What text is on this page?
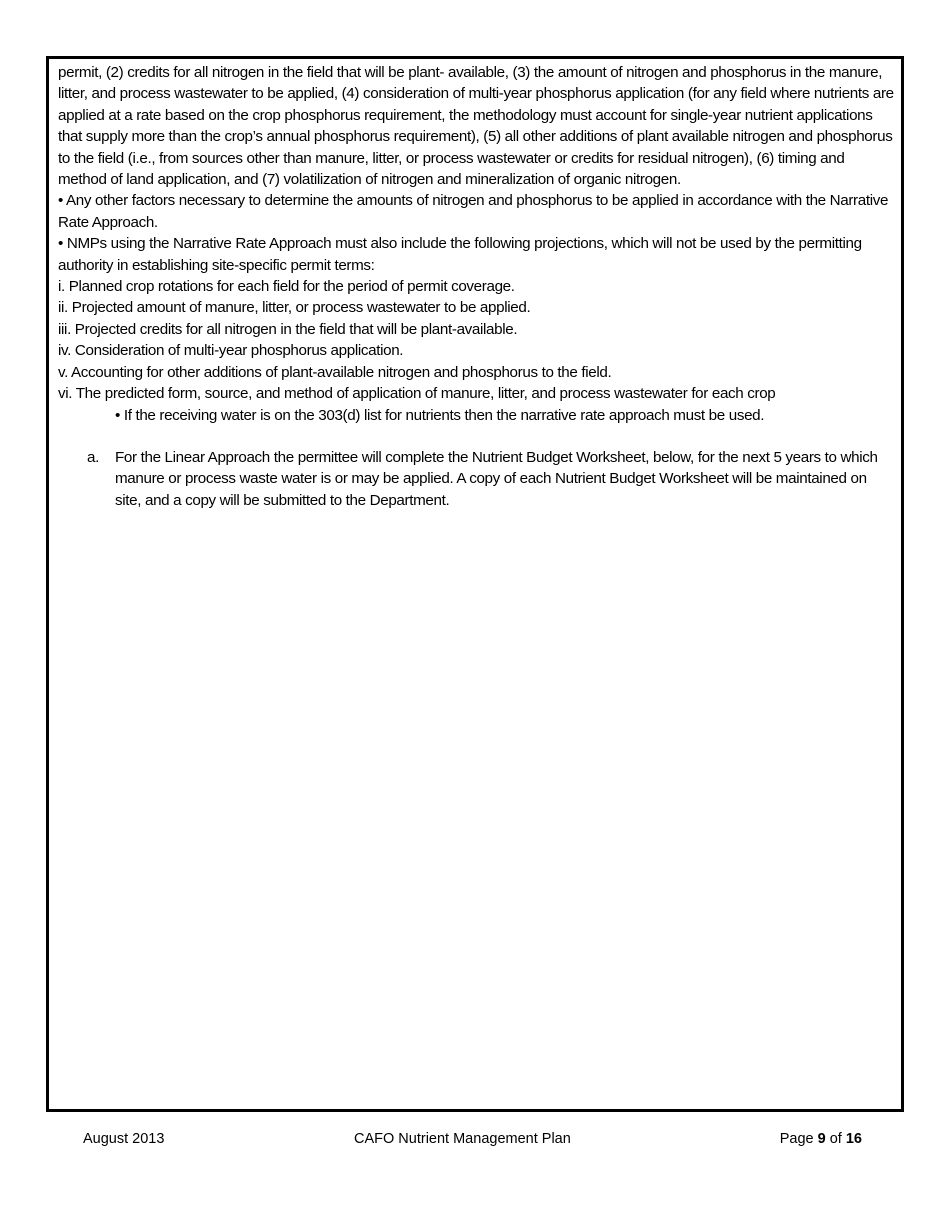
permit, (2) credits for all nitrogen in the field that will be plant- available, (3) the amount of nitrogen and phosphorus in the manure, litter, and process wastewater to be applied, (4) consideration of multi-year phosphorus application (for any field where nutrients are applied at a rate based on the crop phosphorus requirement, the methodology must account for single-year nutrient applications that supply more than the crop’s annual phosphorus requirement), (5) all other additions of plant available nitrogen and phosphorus to the field (i.e., from sources other than manure, litter, or process wastewater or credits for residual nitrogen), (6) timing and method of land application, and (7) volatilization of nitrogen and mineralization of organic nitrogen.

• Any other factors necessary to determine the amounts of nitrogen and phosphorus to be applied in accordance with the Narrative Rate Approach.

• NMPs using the Narrative Rate Approach must also include the following projections, which will not be used by the permitting authority in establishing site-specific permit terms:

i. Planned crop rotations for each field for the period of permit coverage.

ii. Projected amount of manure, litter, or process wastewater to be applied.

iii. Projected credits for all nitrogen in the field that will be plant-available.

iv. Consideration of multi-year phosphorus application.

v. Accounting for other additions of plant-available nitrogen and phosphorus to the field.

vi. The predicted form, source, and method of application of manure, litter, and process wastewater for each crop

• If the receiving water is on the 303(d) list for nutrients then the narrative rate approach must be used.

a.	For the Linear Approach the permittee will complete the Nutrient Budget Worksheet, below, for the next 5 years to which manure or process waste water is or may be applied. A copy of each Nutrient Budget Worksheet will be maintained on site, and a copy will be submitted to the Department.
August 2013	CAFO Nutrient Management Plan	Page 9 of 16
